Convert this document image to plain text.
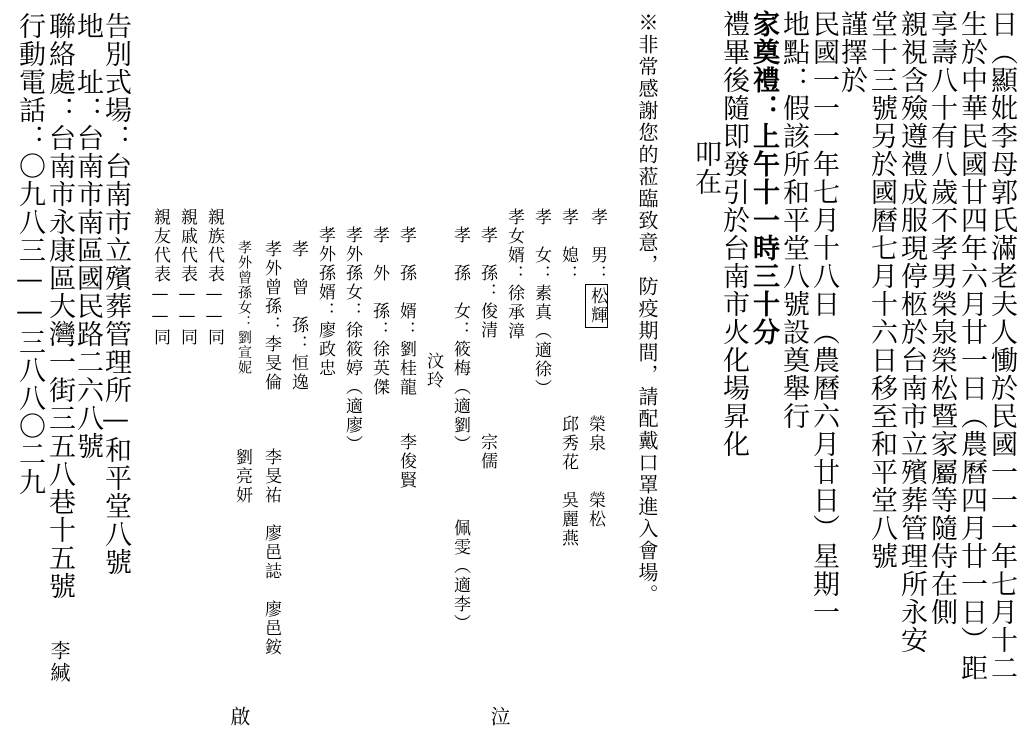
日（顯妣李母郭氏滿老夫人慟於民國一一一年七月十二
生於中華民國廿四年六月廿一日（農曆四月廿一日）距
享壽八十有八歲不孝男榮泉榮松暨家屬等隨侍在側
親視含殮遵禮成服現停柩於台南市立殯葬管理所永安
堂十三號另於國曆七月十六日移至和平堂八號
謹擇於
民國一一一年七月十八日（農曆六月廿日）星期一
地點：假該所和平堂八號設奠舉行
家奠禮：上午十一時三十分
禮畢後隨即發引於台南市火化場昇化
叩在
※非常感謝您的蒞臨致意，防疫期間，請配戴口罩進入會場。
孝　男：松輝
榮泉　　榮松
孝　媳：
邱秀花　吳麗燕
孝　女：素真（適徐）
孝女婿：徐承漳
孝　孫：俊清
宗儒
孝　孫　女：筱梅（適劉）
佩雯（適李）
汶玲
孝　孫　婿：劉桂龍
李俊賢
孝　外　孫：徐英傑
孝外孫女：徐筱婷（適廖）
孝外孫婿：廖政忠
孝　曾　孫：恒逸
孝外曾孫：李旻倫
李旻祐　廖邑誌　廖邑銨
孝外曾孫女：劉宣妮
劉亮妍
親族代表——同
親戚代表——同
親友代表——同
泣
啟
告別式場：台南市立殯葬管理所—和平堂八號
地　址：台南市南區國民路二六八號
聯絡處：台南市永康區大灣一街三五八巷十五號
李緘
行動電話：〇九八三——三八八〇二九
